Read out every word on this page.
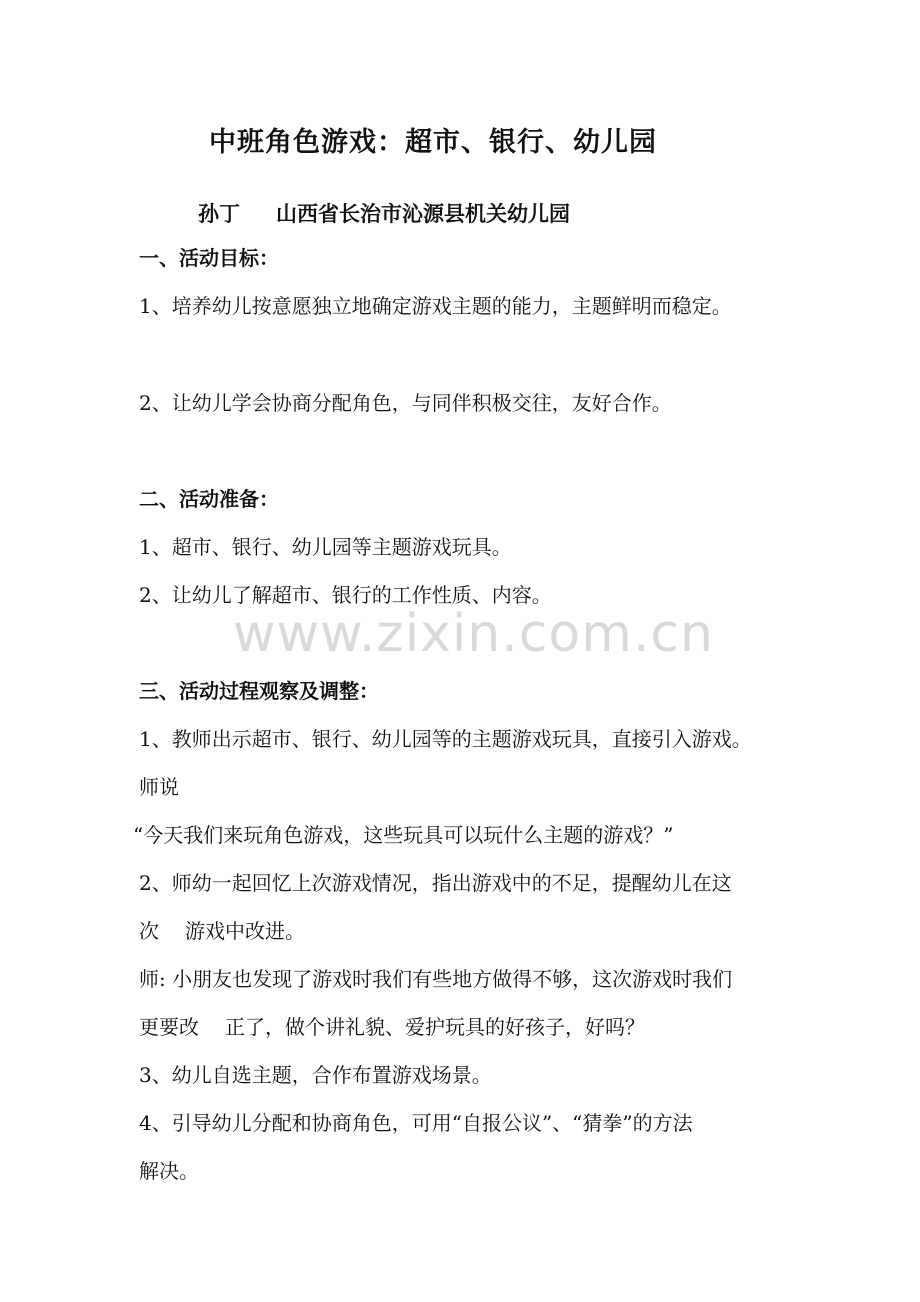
中班角色游戏：超市、银行、幼儿园
孙丁 山西省长治市沁源县机关幼儿园
一、活动目标：
1、培养幼儿按意愿独立地确定游戏主题的能力，主题鲜明而稳定。
2、让幼儿学会协商分配角色，与同伴积极交往，友好合作。
二、活动准备：
1、超市、银行、幼儿园等主题游戏玩具。
2、让幼儿了解超市、银行的工作性质、内容。
www.zixin.com.cn
三、活动过程观察及调整：
1、教师出示超市、银行、幼儿园等的主题游戏玩具，直接引入游戏。
师说
“今天我们来玩角色游戏，这些玩具可以玩什么主题的游戏？”
2、师幼一起回忆上次游戏情况，指出游戏中的不足，提醒幼儿在这
次 游戏中改进。
师: 小朋友也发现了游戏时我们有些地方做得不够，这次游戏时我们
更要改 正了，做个讲礼貌、爱护玩具的好孩子，好吗？
3、幼儿自选主题，合作布置游戏场景。
4、引导幼儿分配和协商角色，可用“自报公议”、“猜拳”的方法
解决。
